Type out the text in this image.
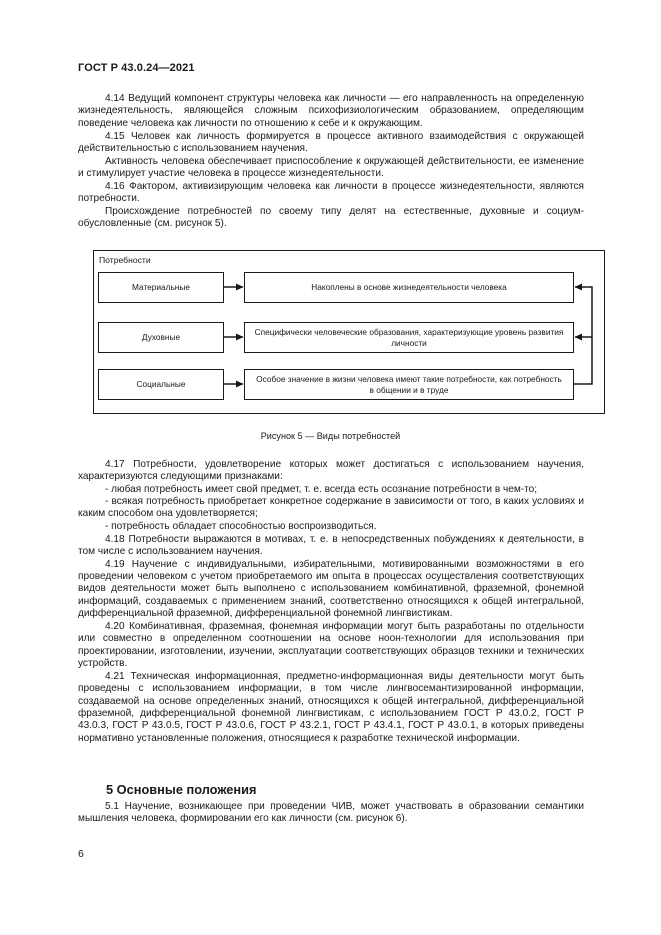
ГОСТ Р 43.0.24—2021

4.14 Ведущий компонент структуры человека как личности — его направленность на определенную жизнедеятельность, являющейся сложным психофизиологическим образованием, определяющим поведение человека как личности по отношению к себе и к окружающим.

4.15 Человек как личность формируется в процессе активного взаимодействия с окружающей действительностью с использованием научения.

Активность человека обеспечивает приспособление к окружающей действительности, ее изменение и стимулирует участие человека в процессе жизнедеятельности.

4.16 Фактором, активизирующим человека как личности в процессе жизнедеятельности, являются потребности.

Происхождение потребностей по своему типу делят на естественные, духовные и социум-обусловленные (см. рисунок 5).

Потребности
Материальные	Накоплены в основе жизнедеятельности человека
Духовные
Специфически человеческие образования, характеризующие уровень развития личности
Социальные
Особое значение в жизни человека имеют такие потребности, как потребность в общении и в труде
Рисунок 5 — Виды потребностей

4.17 Потребности, удовлетворение которых может достигаться с использованием научения, характеризуются следующими признаками:

- любая потребность имеет свой предмет, т. е. всегда есть осознание потребности в чем-то;

- всякая потребность приобретает конкретное содержание в зависимости от того, в каких условиях и каким способом она удовлетворяется;

- потребность обладает способностью воспроизводиться.

4.18 Потребности выражаются в мотивах, т. е. в непосредственных побуждениях к деятельности, в том числе с использованием научения.

4.19 Научение с индивидуальными, избирательными, мотивированными возможностями в его проведении человеком с учетом приобретаемого им опыта в процессах осуществления соответствующих видов деятельности может быть выполнено с использованием комбинативной, фраземной, фонемной информаций, создаваемых с применением знаний, соответственно относящихся к общей интегральной, дифференциальной фраземной, дифференциальной фонемной лингвистикам.

4.20 Комбинативная, фраземная, фонемная информации могут быть разработаны по отдельности или совместно в определенном соотношении на основе ноон-технологии для использования при проектировании, изготовлении, изучении, эксплуатации соответствующих образцов техники и технических устройств.

4.21 Техническая информационная, предметно-информационная виды деятельности могут быть проведены с использованием информации, в том числе лингвосемантизированной информации, создаваемой на основе определенных знаний, относящихся к общей интегральной, дифференциальной фраземной, дифференциальной фонемной лингвистикам, с использованием ГОСТ Р 43.0.2, ГОСТ Р 43.0.3, ГОСТ Р 43.0.5, ГОСТ Р 43.0.6, ГОСТ Р 43.2.1, ГОСТ Р 43.4.1, ГОСТ Р 43.0.1, в которых приведены нормативно установленные положения, относящиеся к разработке технической информации.

5 Основные положения

5.1 Научение, возникающее при проведении ЧИВ, может участвовать в образовании семантики мышления человека, формировании его как личности (см. рисунок 6).

6
